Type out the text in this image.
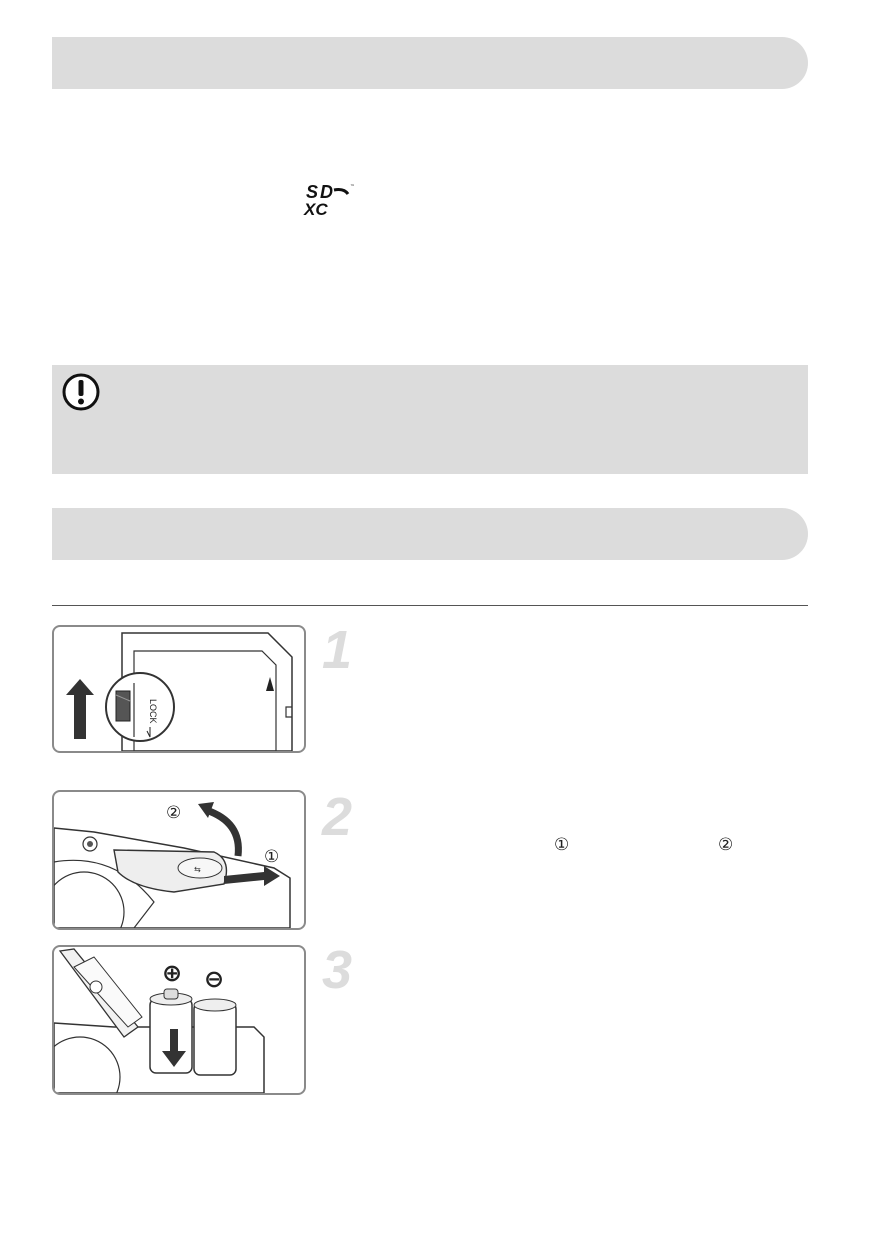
S D
XC
™
1
LOCK
2
⇆
②
①
①	②
3
⊕ ⊖
